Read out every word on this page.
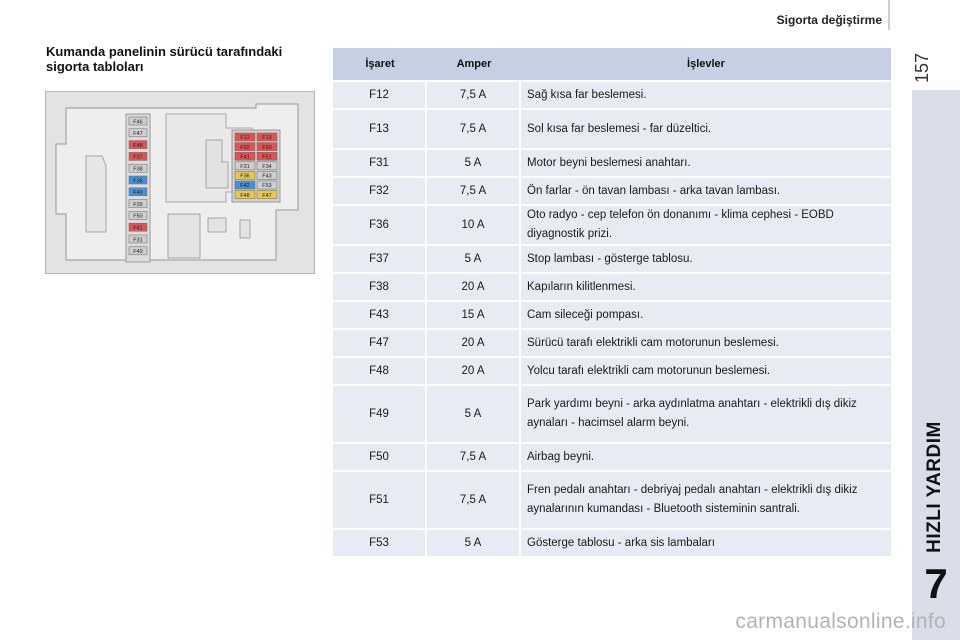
Sigorta değiştirme
157
HIZLI YARDIM
7
Kumanda panelinin sürücü tarafındaki sigorta tabloları
F46
F47
F48
F37
F38
F36
F40
F39
F50
F41
F31
F49
F12 F13
F32 F50
F41 F51
F31 F34
F36 F43
F42 F53
F48 F47
İşaret	Amper	İşlevler
F12	7,5 A	Sağ kısa far beslemesi.
F13	7,5 A	Sol kısa far beslemesi - far düzeltici.
F31	5 A	Motor beyni beslemesi anahtarı.
F32	7,5 A	Ön farlar - ön tavan lambası - arka tavan lambası.
F36	10 A	Oto radyo - cep telefon ön donanımı - klima cephesi - EOBD diyagnostik prizi.
F37	5 A	Stop lambası - gösterge tablosu.
F38	20 A	Kapıların kilitlenmesi.
F43	15 A	Cam sileceği pompası.
F47	20 A	Sürücü tarafı elektrikli cam motorunun beslemesi.
F48	20 A	Yolcu tarafı elektrikli cam motorunun beslemesi.
F49	5 A	Park yardımı beyni - arka aydınlatma anahtarı - elektrikli dış dikiz aynaları - hacimsel alarm beyni.
F50	7,5 A	Airbag beyni.
F51	7,5 A	Fren pedalı anahtarı - debriyaj pedalı anahtarı - elektrikli dış dikiz aynalarının kumandası - Bluetooth sisteminin santrali.
F53	5 A	Gösterge tablosu - arka sis lambaları
carmanualsonline.info
